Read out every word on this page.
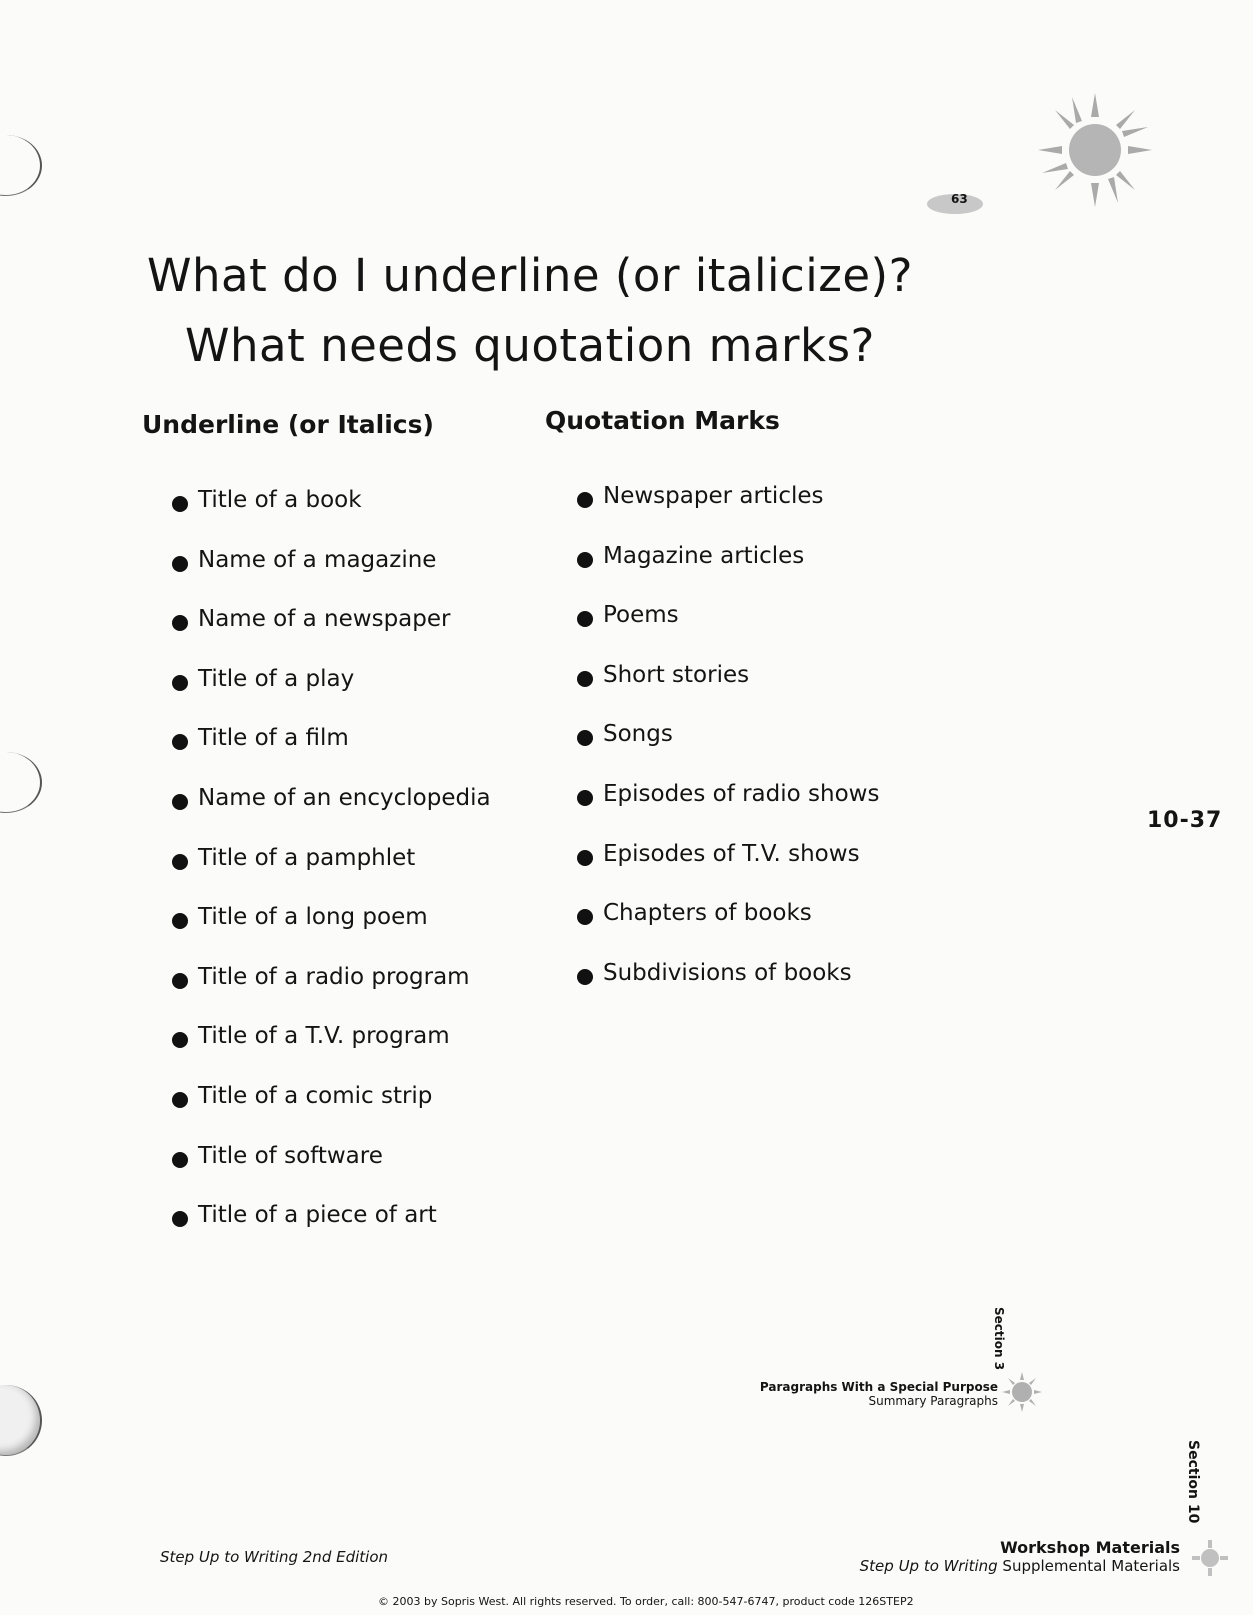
63
What do I underline (or italicize)?
What needs quotation marks?
Underline (or Italics)	Quotation Marks
Title of a book
Name of a magazine
Name of a newspaper
Title of a play
Title of a film
Name of an encyclopedia
Title of a pamphlet
Title of a long poem
Title of a radio program
Title of a T.V. program
Title of a comic strip
Title of software
Title of a piece of art
Newspaper articles
Magazine articles
Poems
Short stories
Songs
Episodes of radio shows
Episodes of T.V. shows
Chapters of books
Subdivisions of books
10-37
Section 3
Paragraphs With a Special Purpose
Summary Paragraphs
Step Up to Writing 2nd Edition
Section 10
Workshop Materials
Step Up to Writing Supplemental Materials
© 2003 by Sopris West. All rights reserved. To order, call: 800-547-6747, product code 126STEP2
